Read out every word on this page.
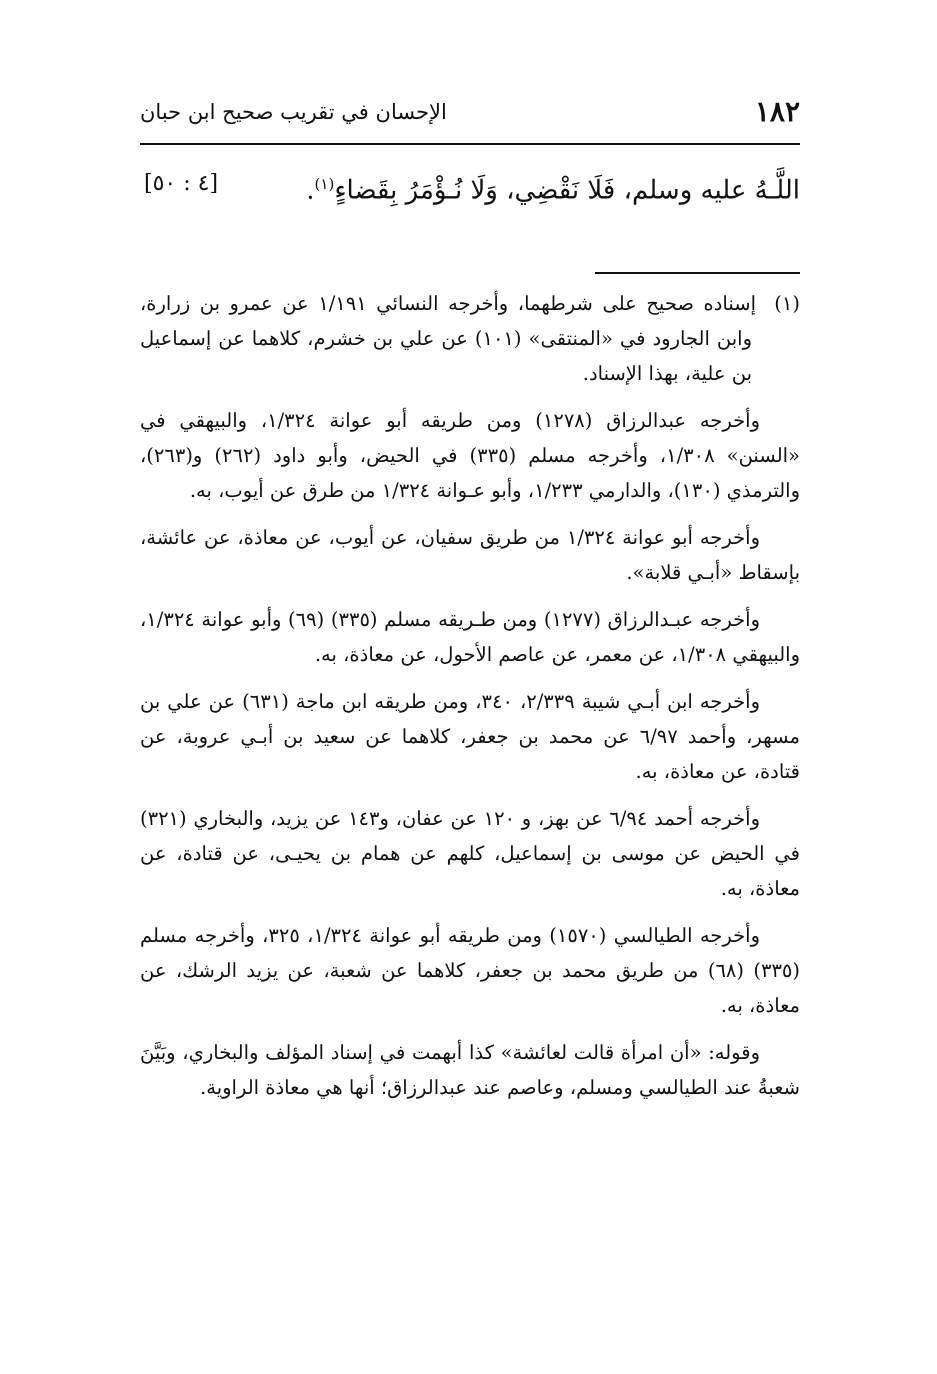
١٨٢
الإحسان في تقريب صحيح ابن حبان
اللَّـهُ عليه وسلم، فَلَا نَقْضِي، وَلَا نُـؤْمَرُ بِقَضاءٍ$^{(١)}$.
[٤ : ٥٠]

(١)إسناده صحيح على شرطهما، وأخرجه النسائي ١/١٩١ عن عمرو بن زرارة، وابن الجارود في «المنتقى» (١٠١) عن علي بن خشرم، كلاهما عن إسماعيل بن علية، بهذا الإسناد.

وأخرجه عبدالرزاق (١٢٧٨) ومن طريقه أبو عوانة ١/٣٢٤، والبيهقي في «السنن» ١/٣٠٨، وأخرجه مسلم (٣٣٥) في الحيض، وأبو داود (٢٦٢) و(٢٦٣)، والترمذي (١٣٠)، والدارمي ١/٢٣٣، وأبو عـوانة ١/٣٢٤ من طرق عن أيوب، به.

وأخرجه أبو عوانة ١/٣٢٤ من طريق سفيان، عن أيوب، عن معاذة، عن عائشة، بإسقاط «أبـي قلابة».

وأخرجه عبـدالرزاق (١٢٧٧) ومن طـريقه مسلم (٣٣٥) (٦٩) وأبو عوانة ١/٣٢٤، والبيهقي ١/٣٠٨، عن معمر، عن عاصم الأحول، عن معاذة، به.

وأخرجه ابن أبـي شيبة ٢/٣٣٩، ٣٤٠، ومن طريقه ابن ماجة (٦٣١) عن علي بن مسهر، وأحمد ٦/٩٧ عن محمد بن جعفر، كلاهما عن سعيد بن أبـي عروبة، عن قتادة، عن معاذة، به.

وأخرجه أحمد ٦/٩٤ عن بهز، و ١٢٠ عن عفان، و١٤٣ عن يزيد، والبخاري (٣٢١) في الحيض عن موسى بن إسماعيل، كلهم عن همام بن يحيـى، عن قتادة، عن معاذة، به.

وأخرجه الطيالسي (١٥٧٠) ومن طريقه أبو عوانة ١/٣٢٤، ٣٢٥، وأخرجه مسلم (٣٣٥) (٦٨) من طريق محمد بن جعفر، كلاهما عن شعبة، عن يزيد الرشك، عن معاذة، به.

وقوله: «أن امرأة قالت لعائشة» كذا أبهمت في إسناد المؤلف والبخاري، وبَيَّنَ شعبةُ عند الطيالسي ومسلم، وعاصم عند عبدالرزاق؛ أنها هي معاذة الراوية.
